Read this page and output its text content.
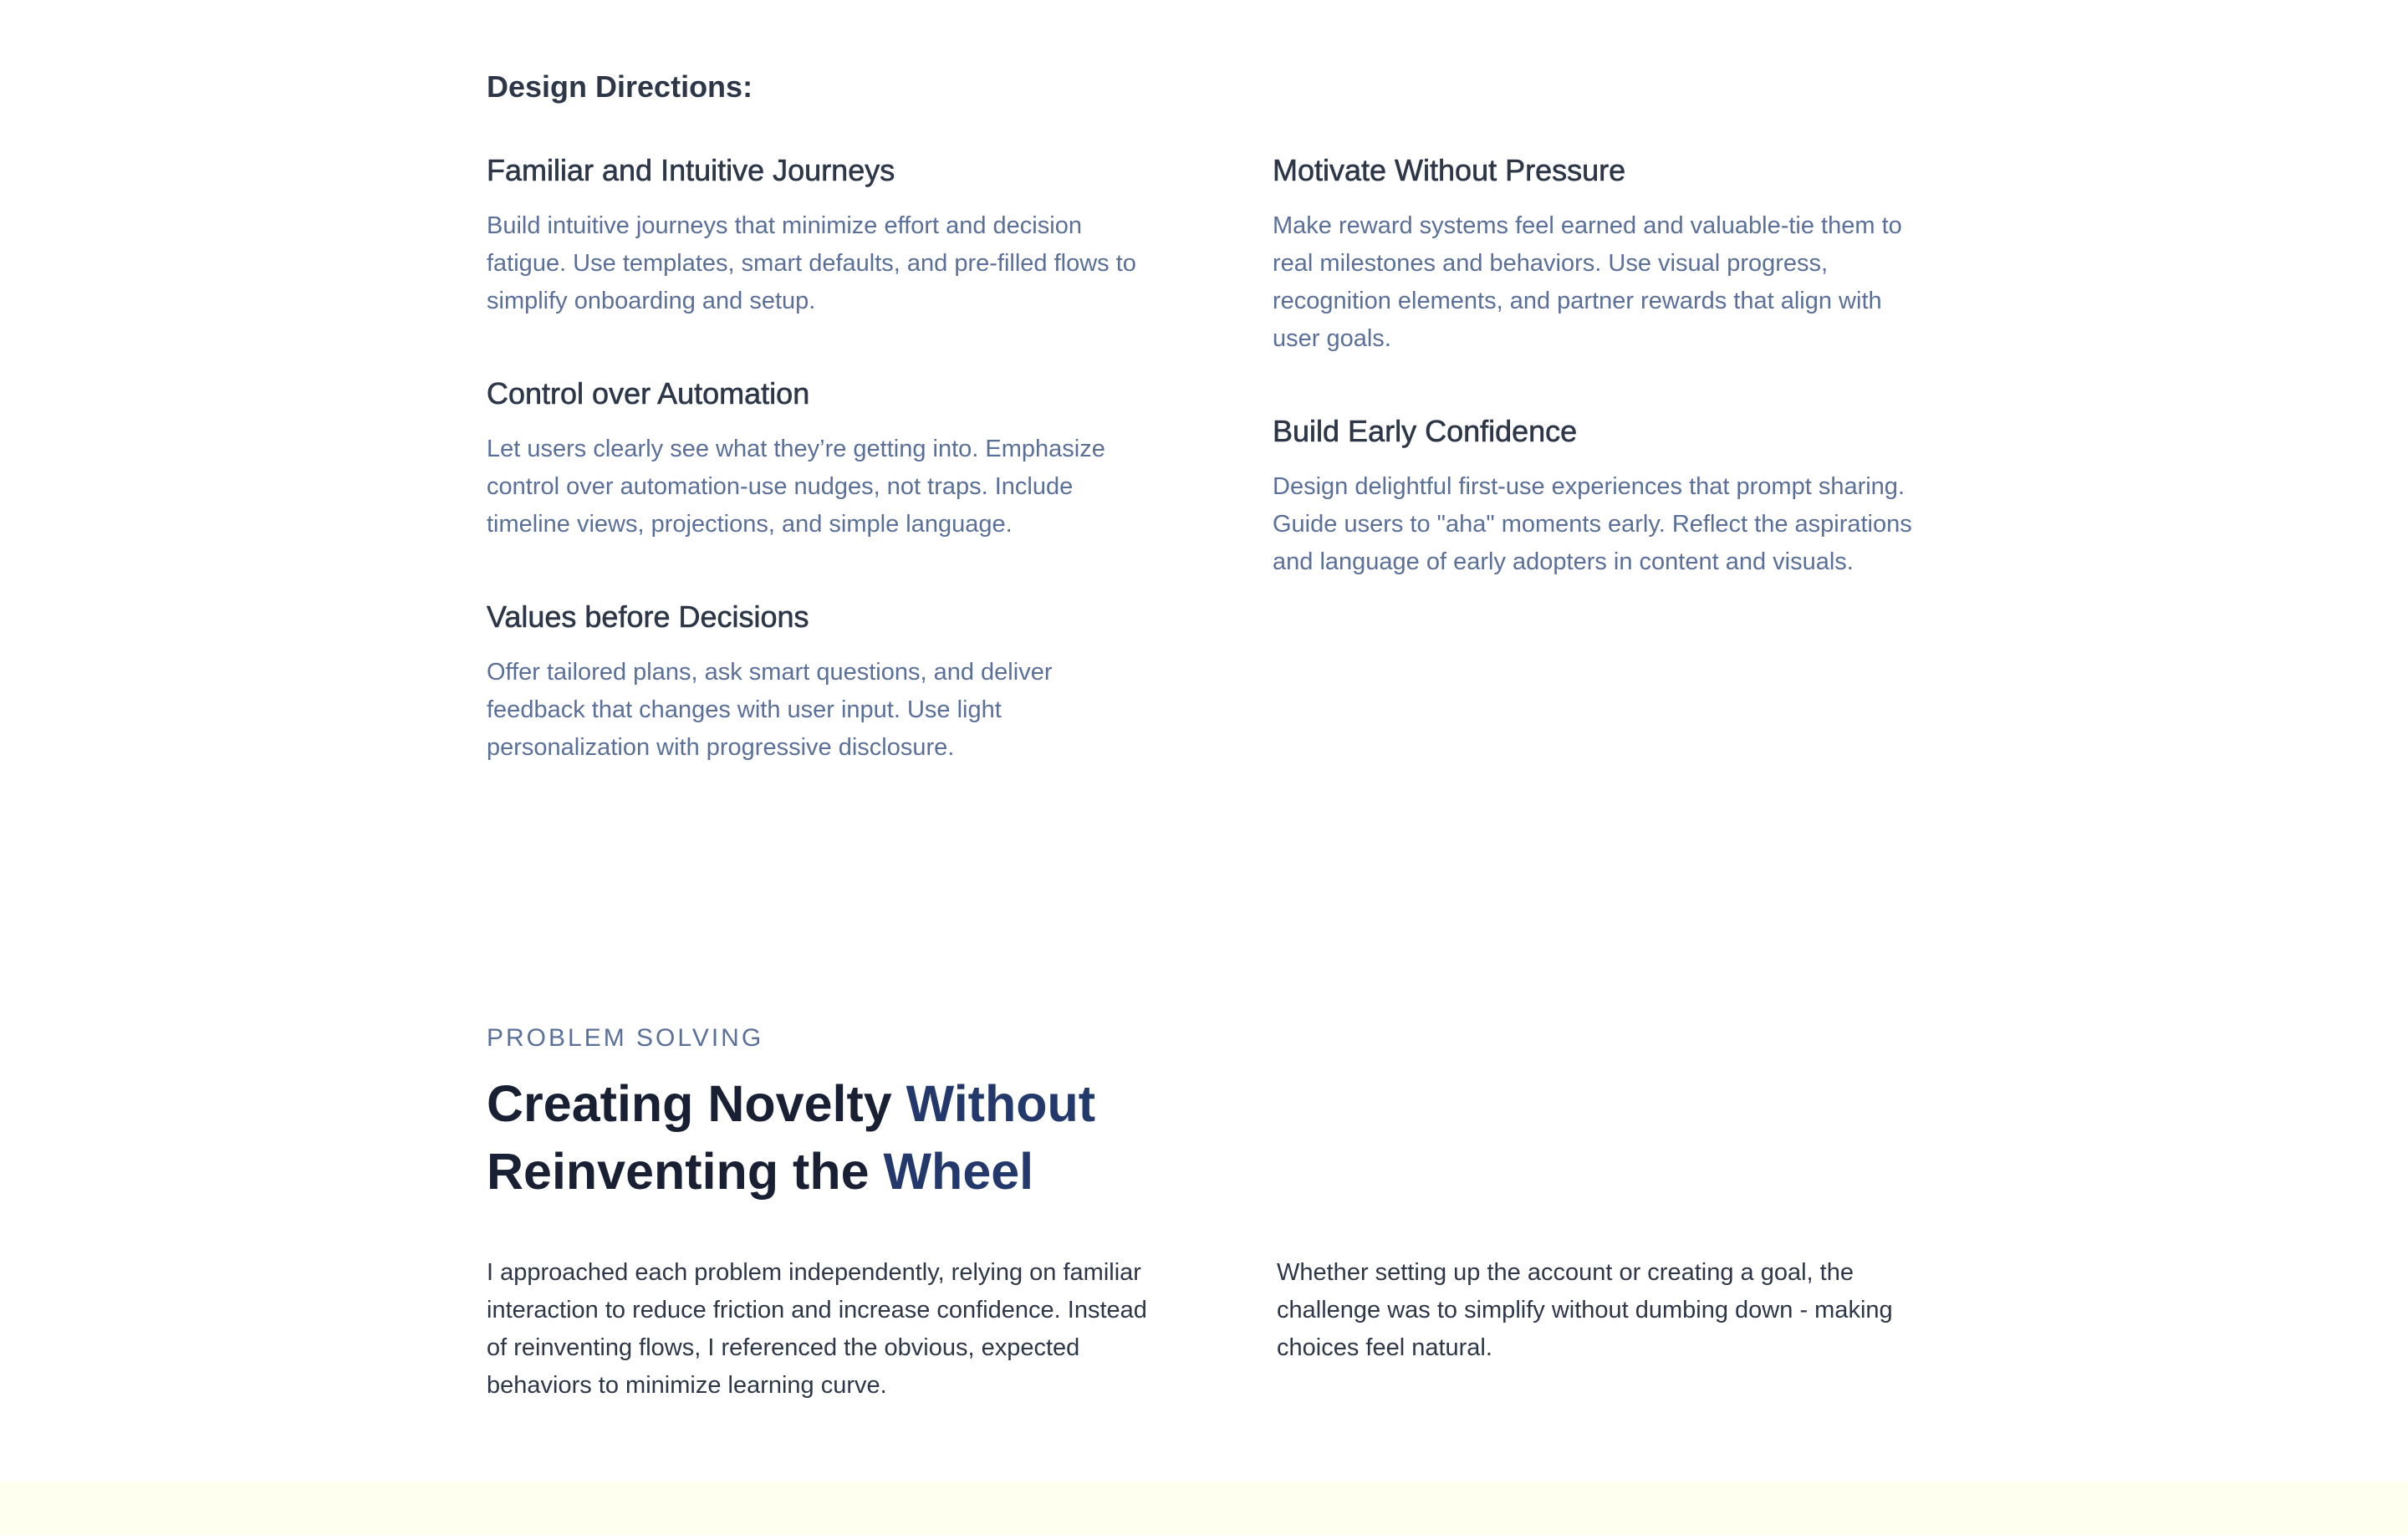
Design Directions:
Familiar and Intuitive Journeys

Build intuitive journeys that minimize effort and decision fatigue. Use templates, smart defaults, and pre-filled flows to simplify onboarding and setup.

Control over Automation

Let users clearly see what they’re getting into. Emphasize control over automation-use nudges, not traps. Include timeline views, projections, and simple language.

Values before Decisions

Offer tailored plans, ask smart questions, and deliver feedback that changes with user input. Use light personalization with progressive disclosure.

Motivate Without Pressure

Make reward systems feel earned and valuable-tie them to real milestones and behaviors. Use visual progress, recognition elements, and partner rewards that align with user goals.

Build Early Confidence

Design delightful first-use experiences that prompt sharing. Guide users to "aha" moments early. Reflect the aspirations and language of early adopters in content and visuals.

PROBLEM SOLVING

Creating Novelty Without
Reinventing the Wheel

I approached each problem independently, relying on familiar interaction to reduce friction and increase confidence. Instead of reinventing flows, I referenced the obvious, expected behaviors to minimize learning curve.

Whether setting up the account or creating a goal, the challenge was to simplify without dumbing down - making choices feel natural.
